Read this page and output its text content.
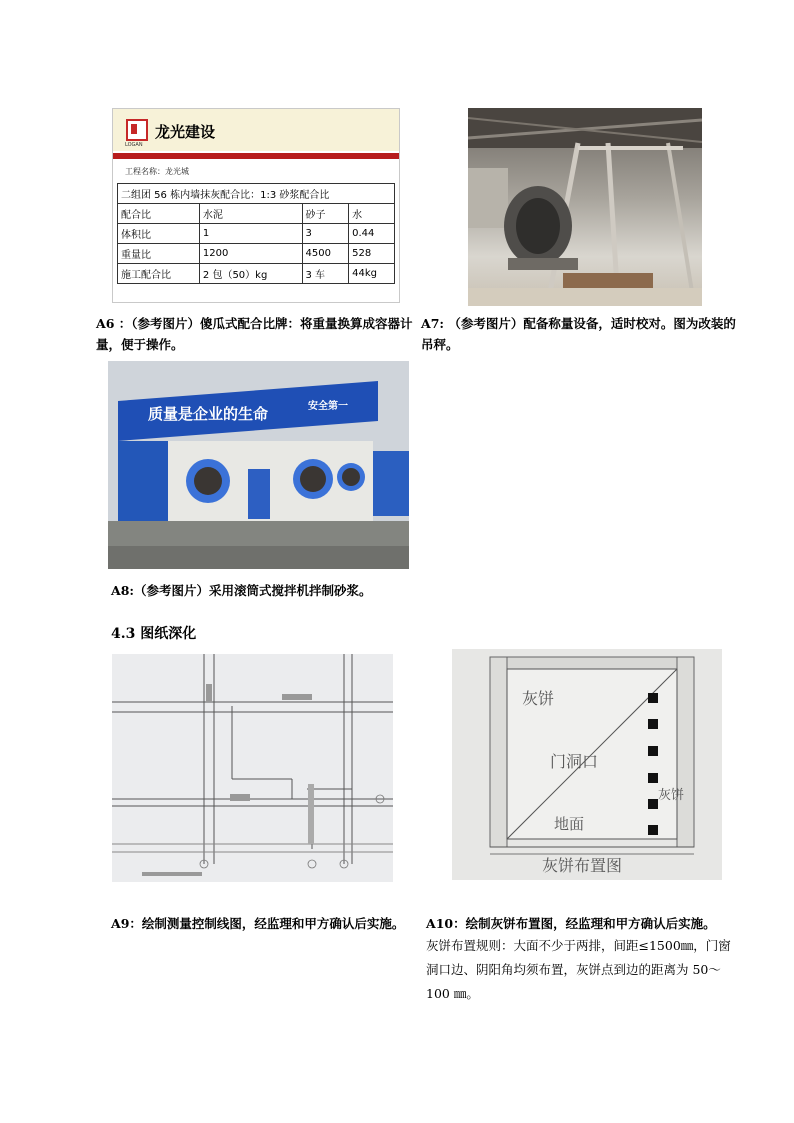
LOGAN
龙光建设
工程名称：龙光城
二组团 56 栋内墙抹灰配合比：1:3 砂浆配合比			
配合比	水泥	砂子	水
体积比	1	3	0.44
重量比	1200	4500	528
施工配合比	2 包（50）kg	3 车	44kg
A6 ：（参考图片）傻瓜式配合比牌：将重量换算成容器计量，便于操作。
A7: （参考图片）配备称量设备，适时校对。图为改装的吊秤。
质量是企业的生命	安全第一
A8:（参考图片）采用滚筒式搅拌机拌制砂浆。
4.3 图纸深化
灰饼
门洞口
灰饼
地面
灰饼布置图
A9：绘制测量控制线图，经监理和甲方确认后实施。	A10：绘制灰饼布置图，经监理和甲方确认后实施。
灰饼布置规则：大面不少于两排，间距≤1500㎜，门窗洞口边、阴阳角均须布置，灰饼点到边的距离为 50～100 ㎜。
